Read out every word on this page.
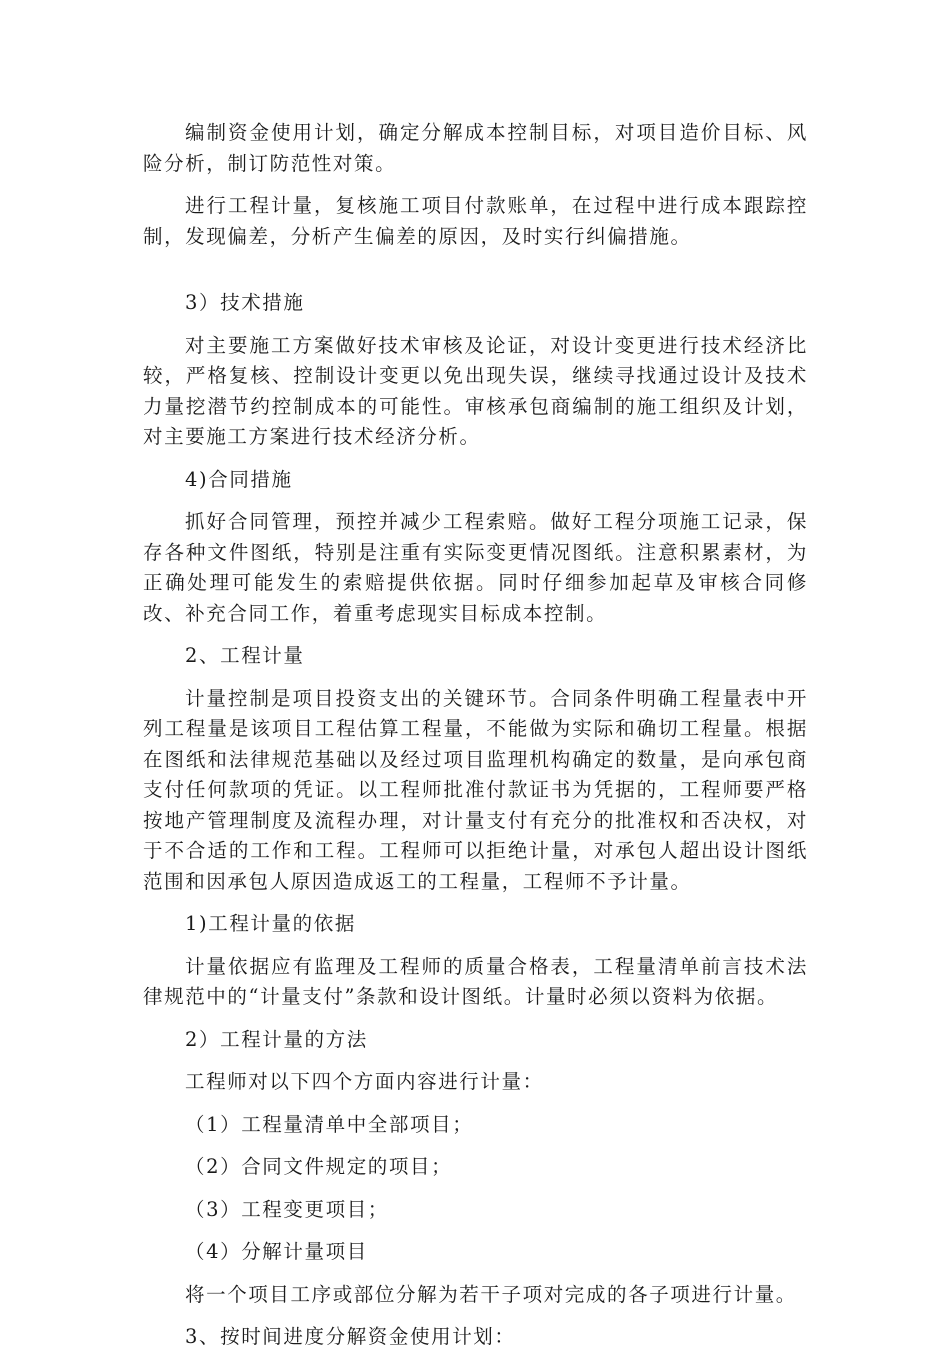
编制资金使用计划，确定分解成本控制目标，对项目造价目标、风险分析，制订防范性对策。

进行工程计量，复核施工项目付款账单，在过程中进行成本跟踪控制，发现偏差，分析产生偏差的原因，及时实行纠偏措施。

3）技术措施

对主要施工方案做好技术审核及论证，对设计变更进行技术经济比较，严格复核、控制设计变更以免出现失误，继续寻找通过设计及技术力量挖潜节约控制成本的可能性。审核承包商编制的施工组织及计划，对主要施工方案进行技术经济分析。

4)合同措施

抓好合同管理，预控并减少工程索赔。做好工程分项施工记录，保存各种文件图纸，特别是注重有实际变更情况图纸。注意积累素材，为正确处理可能发生的索赔提供依据。同时仔细参加起草及审核合同修改、补充合同工作，着重考虑现实目标成本控制。

2、工程计量

计量控制是项目投资支出的关键环节。合同条件明确工程量表中开列工程量是该项目工程估算工程量，不能做为实际和确切工程量。根据在图纸和法律规范基础以及经过项目监理机构确定的数量，是向承包商支付任何款项的凭证。以工程师批准付款证书为凭据的，工程师要严格按地产管理制度及流程办理，对计量支付有充分的批准权和否决权，对于不合适的工作和工程。工程师可以拒绝计量，对承包人超出设计图纸范围和因承包人原因造成返工的工程量，工程师不予计量。

1)工程计量的依据

计量依据应有监理及工程师的质量合格表，工程量清单前言技术法律规范中的“计量支付”条款和设计图纸。计量时必须以资料为依据。

2）工程计量的方法

工程师对以下四个方面内容进行计量：

（1）工程量清单中全部项目；

（2）合同文件规定的项目；

（3）工程变更项目；

（4）分解计量项目

将一个项目工序或部位分解为若干子项对完成的各子项进行计量。

3、按时间进度分解资金使用计划：
